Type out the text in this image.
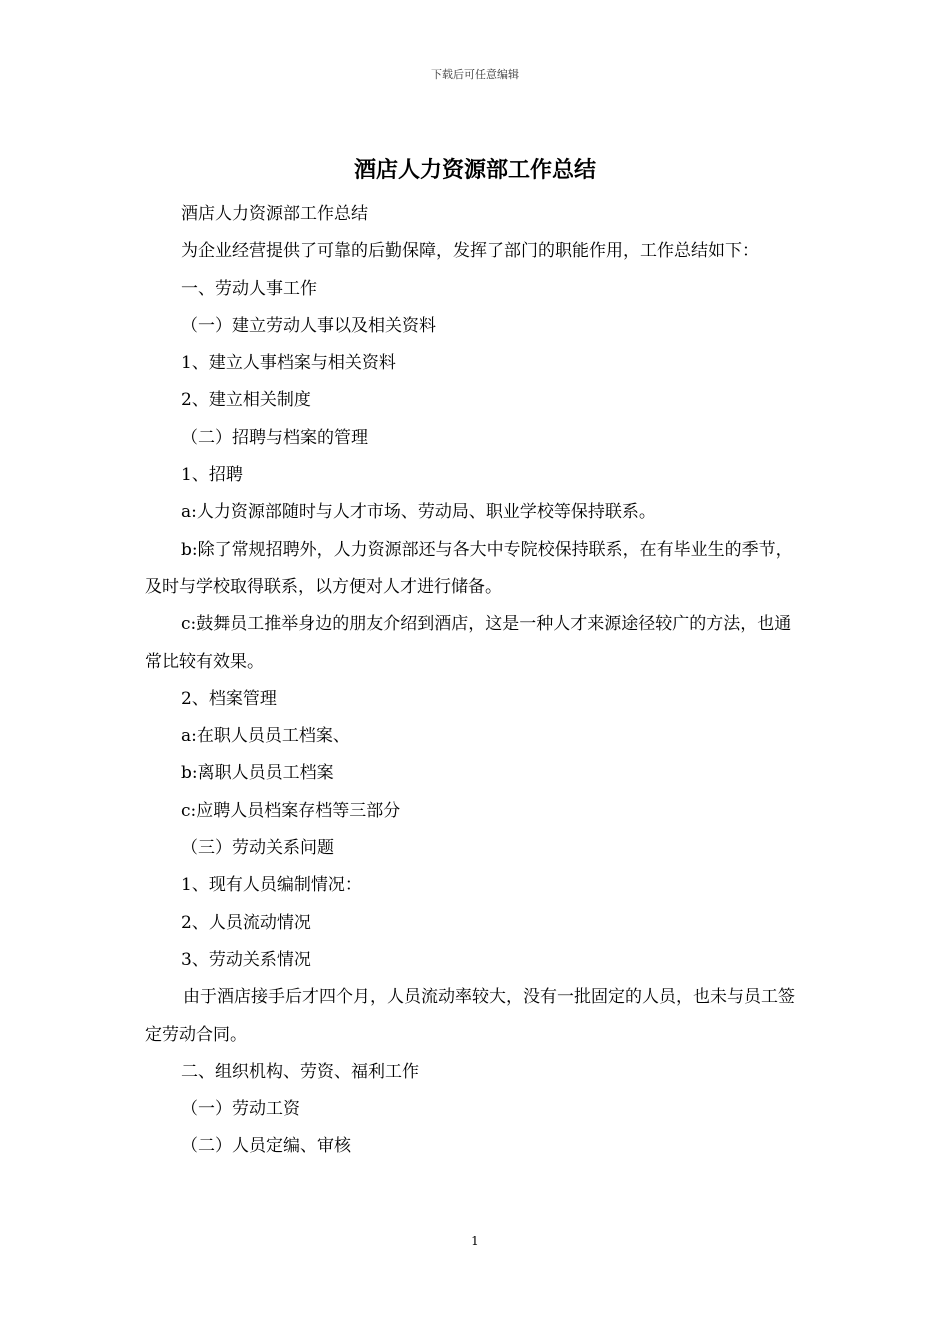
下载后可任意编辑
酒店人力资源部工作总结

酒店人力资源部工作总结

为企业经营提供了可靠的后勤保障，发挥了部门的职能作用，工作总结如下：

一、劳动人事工作

（一）建立劳动人事以及相关资料

1、建立人事档案与相关资料

2、建立相关制度

（二）招聘与档案的管理

1、招聘

a:人力资源部随时与人才市场、劳动局、职业学校等保持联系。

b:除了常规招聘外，人力资源部还与各大中专院校保持联系，在有毕业生的季节，及时与学校取得联系，以方便对人才进行储备。

c:鼓舞员工推举身边的朋友介绍到酒店，这是一种人才来源途径较广的方法，也通常比较有效果。

2、档案管理

a:在职人员员工档案、

b:离职人员员工档案

c:应聘人员档案存档等三部分

（三）劳动关系问题

1、现有人员编制情况：

2、人员流动情况

3、劳动关系情况

由于酒店接手后才四个月，人员流动率较大，没有一批固定的人员，也未与员工签定劳动合同。

二、组织机构、劳资、福利工作

（一）劳动工资

（二）人员定编、审核

1
